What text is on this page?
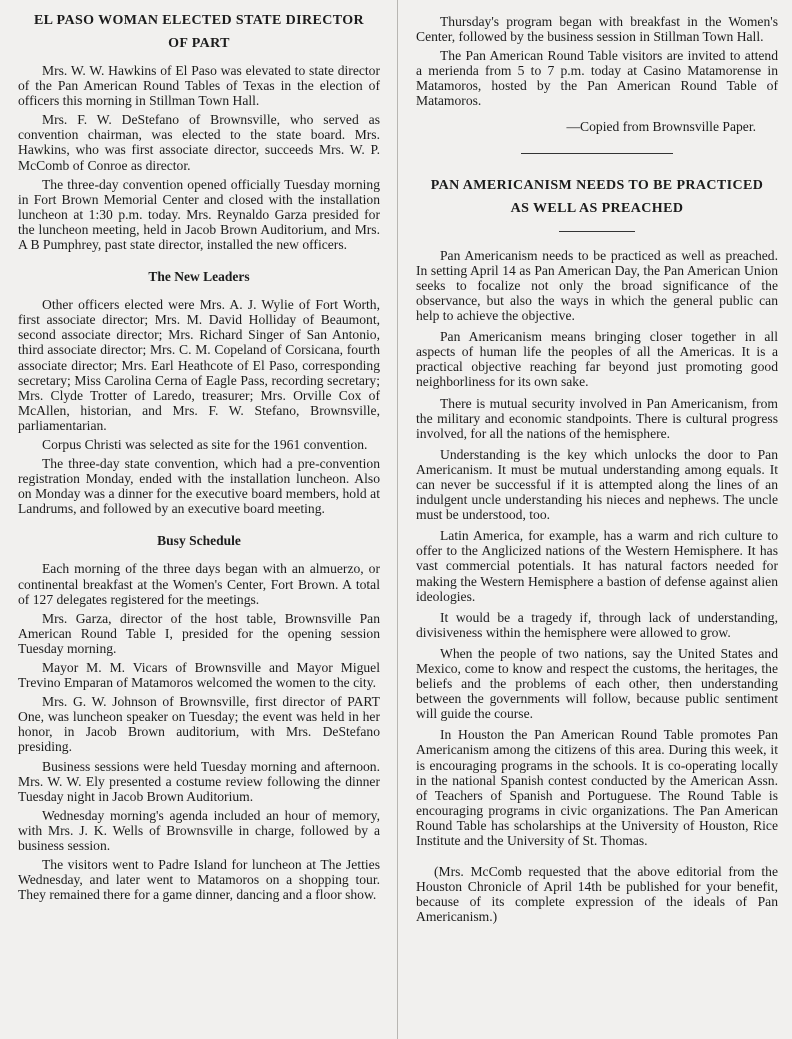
EL PASO WOMAN ELECTED STATE DIRECTOR
OF PART

Mrs. W. W. Hawkins of El Paso was elevated to state director of the Pan American Round Tables of Texas in the election of officers this morning in Stillman Town Hall.

Mrs. F. W. DeStefano of Brownsville, who served as convention chairman, was elected to the state board. Mrs. Hawkins, who was first associate director, succeeds Mrs. W. P. McComb of Conroe as director.

The three-day convention opened officially Tuesday morning in Fort Brown Memorial Center and closed with the installation luncheon at 1:30 p.m. today. Mrs. Reynaldo Garza presided for the luncheon meeting, held in Jacob Brown Auditorium, and Mrs. A B Pumphrey, past state director, installed the new officers.

The New Leaders

Other officers elected were Mrs. A. J. Wylie of Fort Worth, first associate director; Mrs. M. David Holliday of Beaumont, second associate director; Mrs. Richard Singer of San Antonio, third associate director; Mrs. C. M. Copeland of Corsicana, fourth associate director; Mrs. Earl Heathcote of El Paso, corresponding secretary; Miss Carolina Cerna of Eagle Pass, recording secretary; Mrs. Clyde Trotter of Laredo, treasurer; Mrs. Orville Cox of McAllen, historian, and Mrs. F. W. Stefano, Brownsville, parliamentarian.

Corpus Christi was selected as site for the 1961 convention.

The three-day state convention, which had a pre-convention registration Monday, ended with the installation luncheon. Also on Monday was a dinner for the executive board members, hold at Landrums, and followed by an executive board meeting.

Busy Schedule

Each morning of the three days began with an almuerzo, or continental breakfast at the Women's Center, Fort Brown. A total of 127 delegates registered for the meetings.

Mrs. Garza, director of the host table, Brownsville Pan American Round Table I, presided for the opening session Tuesday morning.

Mayor M. M. Vicars of Brownsville and Mayor Miguel Trevino Emparan of Matamoros welcomed the women to the city.

Mrs. G. W. Johnson of Brownsville, first director of PART One, was luncheon speaker on Tuesday; the event was held in her honor, in Jacob Brown auditorium, with Mrs. DeStefano presiding.

Business sessions were held Tuesday morning and afternoon. Mrs. W. W. Ely presented a costume review following the dinner Tuesday night in Jacob Brown Auditorium.

Wednesday morning's agenda included an hour of memory, with Mrs. J. K. Wells of Brownsville in charge, followed by a business session.

The visitors went to Padre Island for luncheon at The Jetties Wednesday, and later went to Matamoros on a shopping tour. They remained there for a game dinner, dancing and a floor show.

Thursday's program began with breakfast in the Women's Center, followed by the business session in Stillman Town Hall.

The Pan American Round Table visitors are invited to attend a merienda from 5 to 7 p.m. today at Casino Matamorense in Matamoros, hosted by the Pan American Round Table of Matamoros.

—Copied from Brownsville Paper.

PAN AMERICANISM NEEDS TO BE PRACTICED
AS WELL AS PREACHED

Pan Americanism needs to be practiced as well as preached. In setting April 14 as Pan American Day, the Pan American Union seeks to focalize not only the broad significance of the observance, but also the ways in which the general public can help to achieve the objective.

Pan Americanism means bringing closer together in all aspects of human life the peoples of all the Americas. It is a practical objective reaching far beyond just promoting good neighborliness for its own sake.

There is mutual security involved in Pan Americanism, from the military and economic standpoints. There is cultural progress involved, for all the nations of the hemisphere.

Understanding is the key which unlocks the door to Pan Americanism. It must be mutual understanding among equals. It can never be successful if it is attempted along the lines of an indulgent uncle understanding his nieces and nephews. The uncle must be understood, too.

Latin America, for example, has a warm and rich culture to offer to the Anglicized nations of the Western Hemisphere. It has vast commercial potentials. It has natural factors needed for making the Western Hemisphere a bastion of defense against alien ideologies.

It would be a tragedy if, through lack of understanding, divisiveness within the hemisphere were allowed to grow.

When the people of two nations, say the United States and Mexico, come to know and respect the customs, the heritages, the beliefs and the problems of each other, then understanding between the governments will follow, because public sentiment will guide the course.

In Houston the Pan American Round Table promotes Pan Americanism among the citizens of this area. During this week, it is encouraging programs in the schools. It is co-operating locally in the national Spanish contest conducted by the American Assn. of Teachers of Spanish and Portuguese. The Round Table is encouraging programs in civic organizations. The Pan American Round Table has scholarships at the University of Houston, Rice Institute and the University of St. Thomas.

(Mrs. McComb requested that the above editorial from the Houston Chronicle of April 14th be published for your benefit, because of its complete expression of the ideals of Pan Americanism.)
